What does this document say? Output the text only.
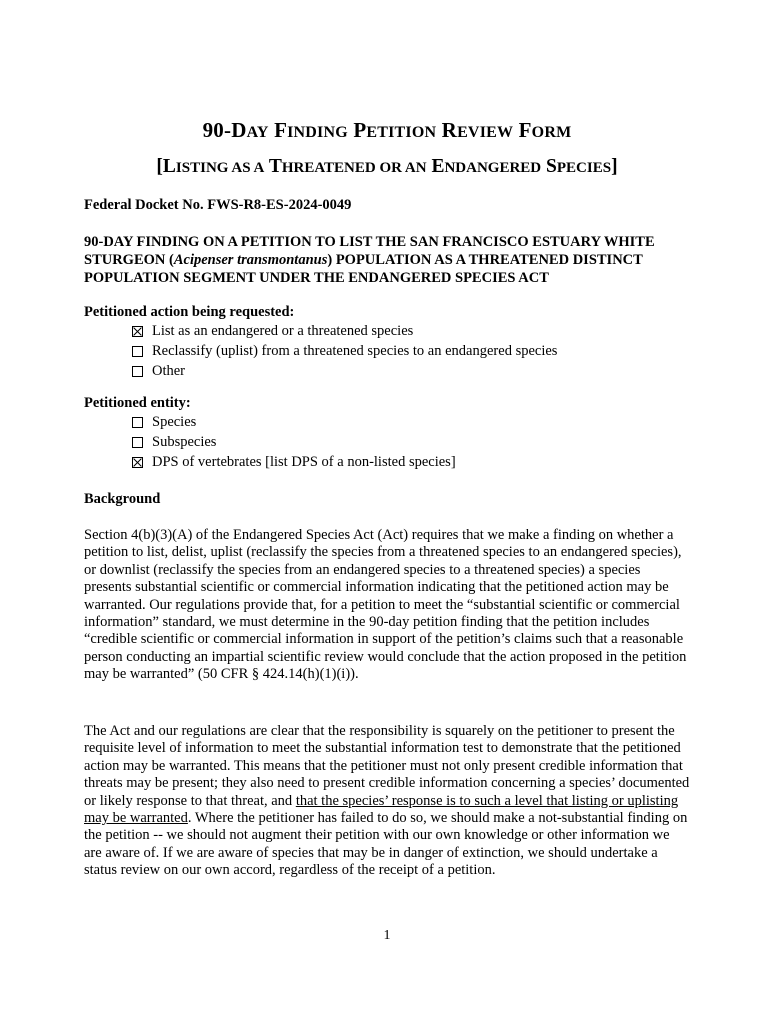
90-DAY FINDING PETITION REVIEW FORM
[LISTING AS A THREATENED OR AN ENDANGERED SPECIES]
Federal Docket No. FWS-R8-ES-2024-0049
90-DAY FINDING ON A PETITION TO LIST THE SAN FRANCISCO ESTUARY WHITE STURGEON (Acipenser transmontanus) POPULATION AS A THREATENED DISTINCT POPULATION SEGMENT UNDER THE ENDANGERED SPECIES ACT
Petitioned action being requested:
List as an endangered or a threatened species
Reclassify (uplist) from a threatened species to an endangered species
Other
Petitioned entity:
Species
Subspecies
DPS of vertebrates [list DPS of a non-listed species]
Background
Section 4(b)(3)(A) of the Endangered Species Act (Act) requires that we make a finding on whether a petition to list, delist, uplist (reclassify the species from a threatened species to an endangered species), or downlist (reclassify the species from an endangered species to a threatened species) a species presents substantial scientific or commercial information indicating that the petitioned action may be warranted. Our regulations provide that, for a petition to meet the “substantial scientific or commercial information” standard, we must determine in the 90-day petition finding that the petition includes “credible scientific or commercial information in support of the petition’s claims such that a reasonable person conducting an impartial scientific review would conclude that the action proposed in the petition may be warranted” (50 CFR § 424.14(h)(1)(i)).
The Act and our regulations are clear that the responsibility is squarely on the petitioner to present the requisite level of information to meet the substantial information test to demonstrate that the petitioned action may be warranted. This means that the petitioner must not only present credible information that threats may be present; they also need to present credible information concerning a species’ documented or likely response to that threat, and that the species’ response is to such a level that listing or uplisting may be warranted. Where the petitioner has failed to do so, we should make a not-substantial finding on the petition -- we should not augment their petition with our own knowledge or other information we are aware of. If we are aware of species that may be in danger of extinction, we should undertake a status review on our own accord, regardless of the receipt of a petition.
1
